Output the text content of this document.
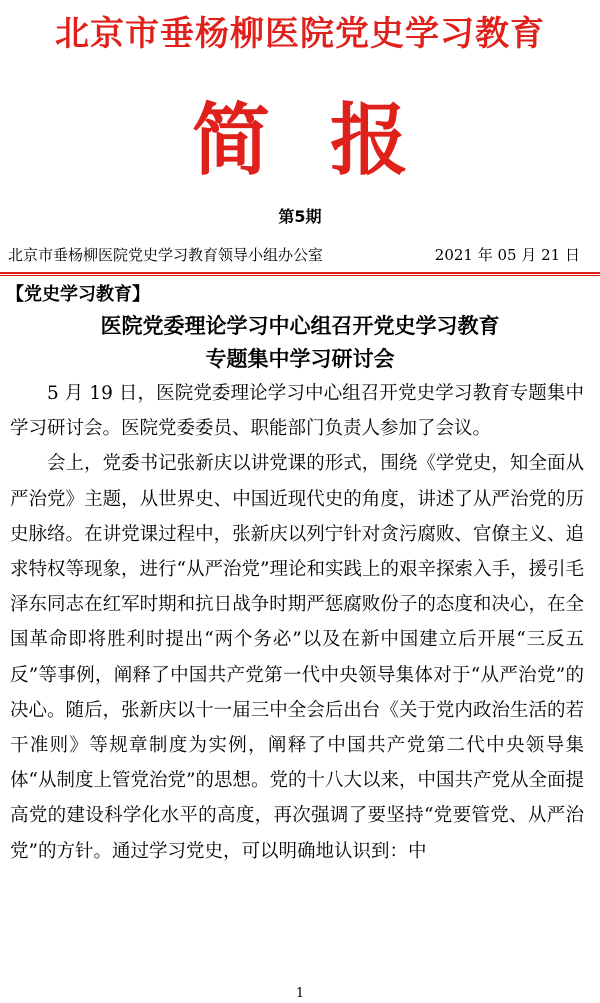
北京市垂杨柳医院党史学习教育
简报
第5期
北京市垂杨柳医院党史学习教育领导小组办公室	2021 年 05 月 21 日
【党史学习教育】
医院党委理论学习中心组召开党史学习教育
专题集中学习研讨会

5 月 19 日，医院党委理论学习中心组召开党史学习教育专题集中学习研讨会。医院党委委员、职能部门负责人参加了会议。

会上，党委书记张新庆以讲党课的形式，围绕《学党史，知全面从严治党》主题，从世界史、中国近现代史的角度，讲述了从严治党的历史脉络。在讲党课过程中，张新庆以列宁针对贪污腐败、官僚主义、追求特权等现象，进行“从严治党”理论和实践上的艰辛探索入手，援引毛泽东同志在红军时期和抗日战争时期严惩腐败份子的态度和决心，在全国革命即将胜利时提出“两个务必”以及在新中国建立后开展“三反五反”等事例，阐释了中国共产党第一代中央领导集体对于“从严治党”的决心。随后，张新庆以十一届三中全会后出台《关于党内政治生活的若干准则》等规章制度为实例，阐释了中国共产党第二代中央领导集体“从制度上管党治党”的思想。党的十八大以来，中国共产党从全面提高党的建设科学化水平的高度，再次强调了要坚持“党要管党、从严治党”的方针。通过学习党史，可以明确地认识到：中

1
